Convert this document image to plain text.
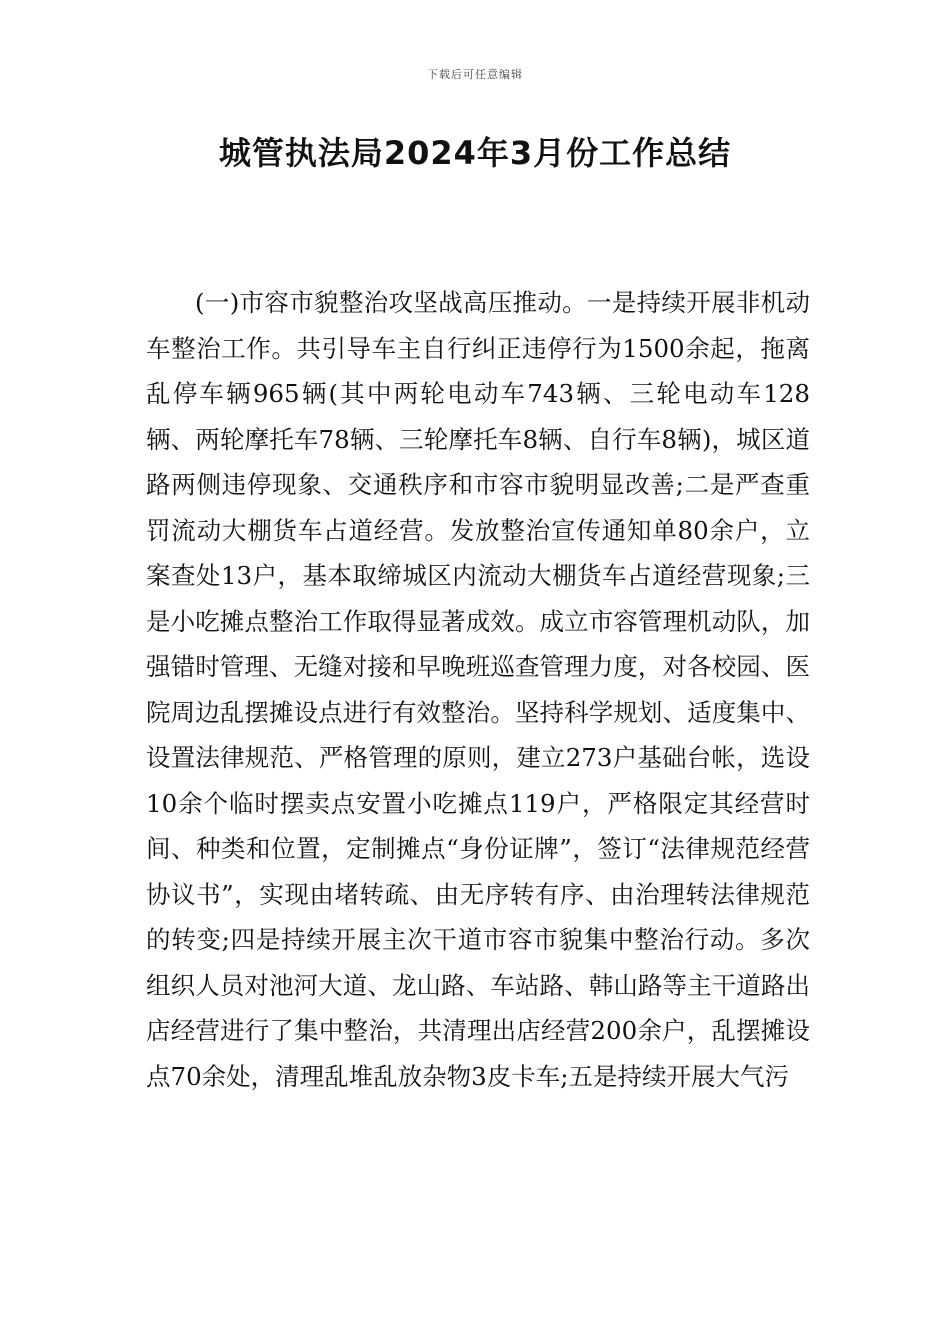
下载后可任意编辑
城管执法局2024年3月份工作总结

(一)市容市貌整治攻坚战高压推动。一是持续开展非机动车整治工作。共引导车主自行纠正违停行为1500余起，拖离乱停车辆965辆(其中两轮电动车743辆、三轮电动车128辆、两轮摩托车78辆、三轮摩托车8辆、自行车8辆)，城区道路两侧违停现象、交通秩序和市容市貌明显改善;二是严查重罚流动大棚货车占道经营。发放整治宣传通知单80余户，立案查处13户，基本取缔城区内流动大棚货车占道经营现象;三是小吃摊点整治工作取得显著成效。成立市容管理机动队，加强错时管理、无缝对接和早晚班巡查管理力度，对各校园、医院周边乱摆摊设点进行有效整治。坚持科学规划、适度集中、设置法律规范、严格管理的原则，建立273户基础台帐，选设10余个临时摆卖点安置小吃摊点119户，严格限定其经营时间、种类和位置，定制摊点“身份证牌”，签订“法律规范经营协议书”，实现由堵转疏、由无序转有序、由治理转法律规范的转变;四是持续开展主次干道市容市貌集中整治行动。多次组织人员对池河大道、龙山路、车站路、韩山路等主干道路出店经营进行了集中整治，共清理出店经营200余户，乱摆摊设点70余处，清理乱堆乱放杂物3皮卡车;五是持续开展大气污
